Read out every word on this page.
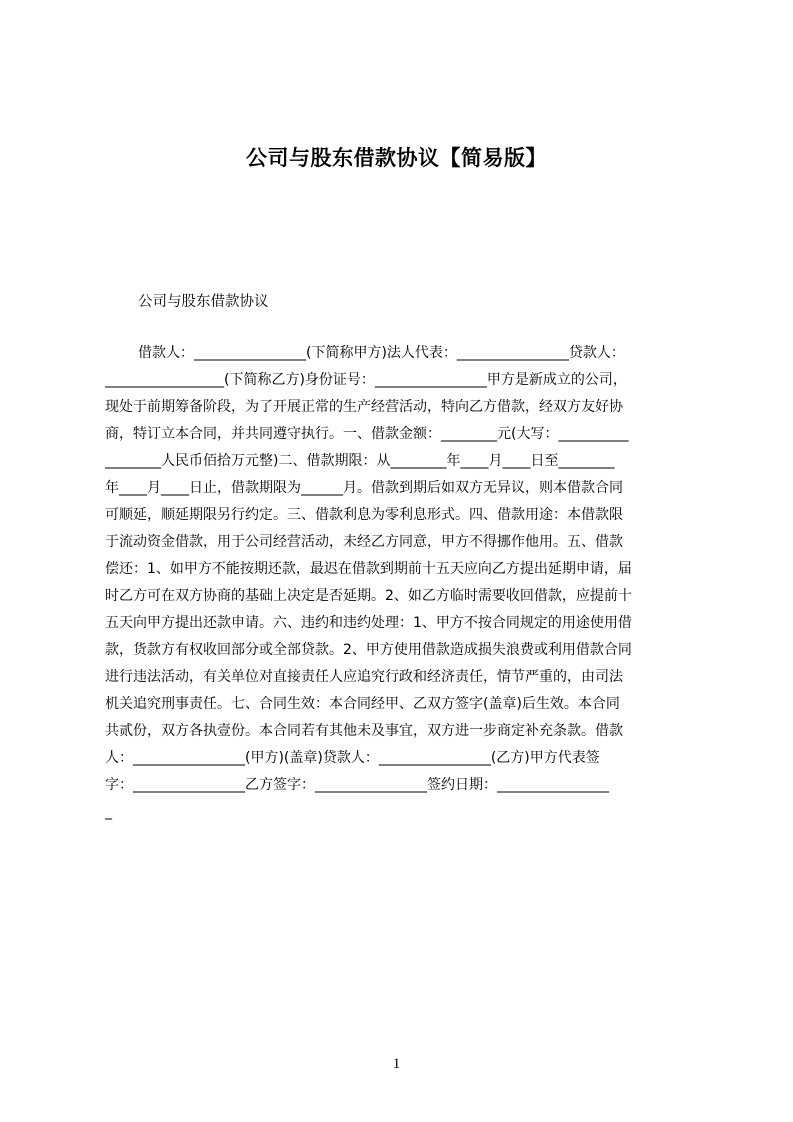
公司与股东借款协议【简易版】
公司与股东借款协议
借款人：________________(下简称甲方)法人代表：________________贷款人：
_________________(下简称乙方)身份证号：________________甲方是新成立的公司，
现处于前期筹备阶段，为了开展正常的生产经营活动，特向乙方借款，经双方友好协
商，特订立本合同，并共同遵守执行。一、借款金额：________元(大写：__________
________人民币佰拾万元整)二、借款期限：从________年____月____日至________
年____月____日止，借款期限为______月。借款到期后如双方无异议，则本借款合同
可顺延，顺延期限另行约定。三、借款利息为零利息形式。四、借款用途：本借款限
于流动资金借款，用于公司经营活动，未经乙方同意，甲方不得挪作他用。五、借款
偿还：1、如甲方不能按期还款，最迟在借款到期前十五天应向乙方提出延期申请，届
时乙方可在双方协商的基础上决定是否延期。2、如乙方临时需要收回借款，应提前十
五天向甲方提出还款申请。六、违约和违约处理：1、甲方不按合同规定的用途使用借
款，货款方有权收回部分或全部贷款。2、甲方使用借款造成损失浪费或利用借款合同
进行违法活动，有关单位对直接责任人应追究行政和经济责任，情节严重的，由司法
机关追究刑事责任。七、合同生效：本合同经甲、乙双方签字(盖章)后生效。本合同
共贰份，双方各执壹份。本合同若有其他未及事宜，双方进一步商定补充条款。借款
人：________________(甲方)(盖章)贷款人：________________(乙方)甲方代表签
字：________________乙方签字：________________签约日期：________________
_
1
